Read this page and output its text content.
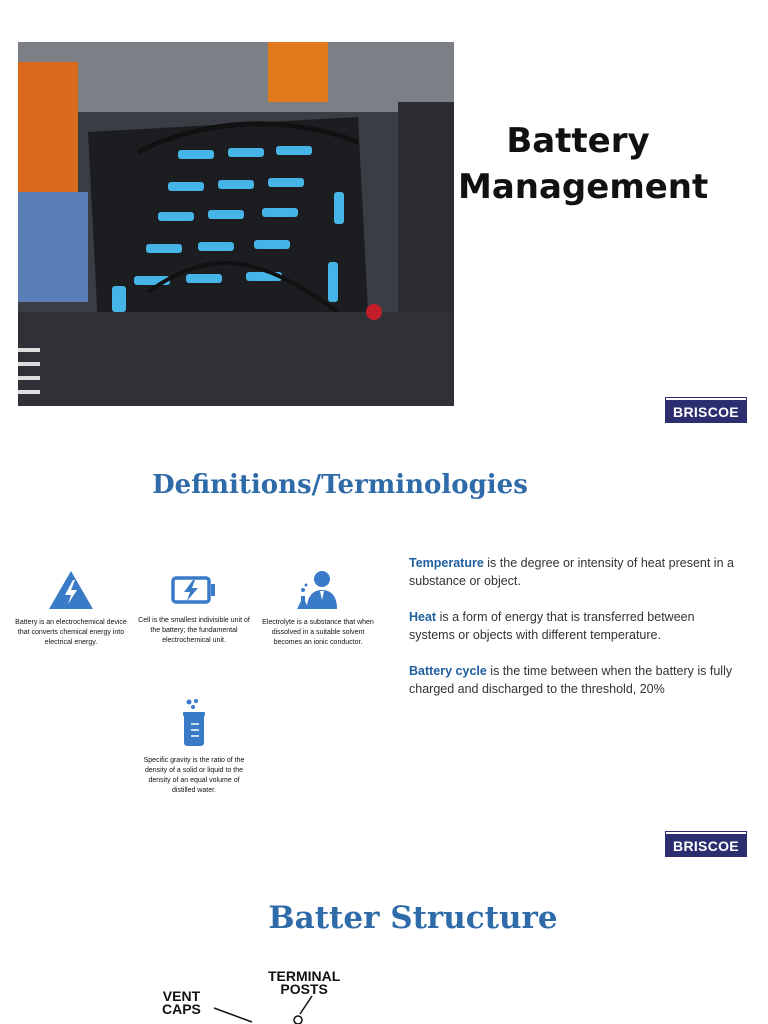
Battery
Management
BRISCOE
Definitions/Terminologies
Battery is an electrochemical device that converts chemical energy into electrical energy.
Cell is the smallest indivisible unit of the battery; the fundamental electrochemical unit.
Electrolyte is a substance that when dissolved in a suitable solvent becomes an ionic conductor.
Specific gravity is the ratio of the density of a solid or liquid to the density of an equal volume of distilled water.

Temperature is the degree or intensity of heat present in a substance or object.

Heat is a form of energy that is transferred between systems or objects with different temperature.

Battery cycle is the time between when the battery is fully charged and discharged to the threshold, 20%

BRISCOE
Batter Structure
TERMINAL
POSTS
VENT
CAPS
